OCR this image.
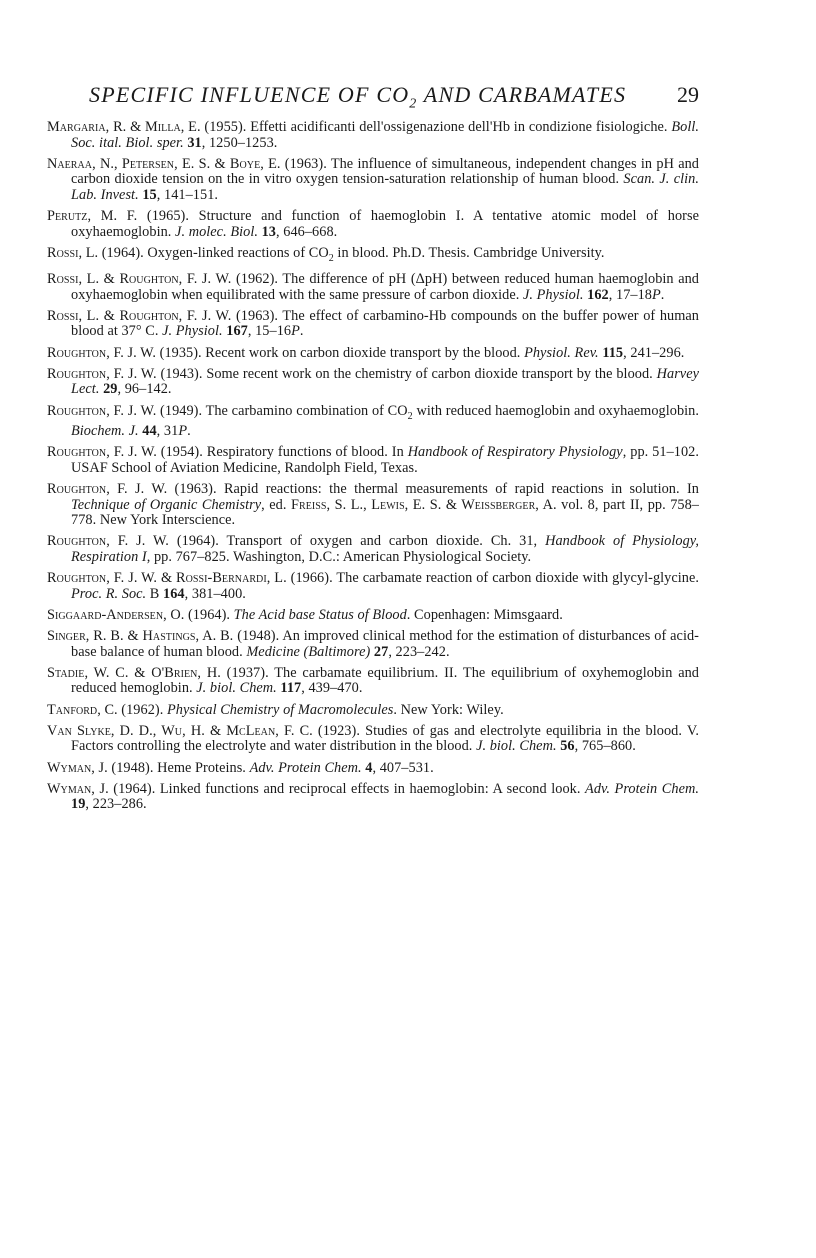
SPECIFIC INFLUENCE OF $CO_2$ AND CARBAMATES 29
Margaria, R. & Milla, E. (1955). Effetti acidificanti dell'ossigenazione dell'Hb in condizione fisiologiche. Boll. Soc. ital. Biol. sper. 31, 1250–1253.
Naeraa, N., Petersen, E. S. & Boye, E. (1963). The influence of simultaneous, independent changes in pH and carbon dioxide tension on the in vitro oxygen tension-saturation relationship of human blood. Scan. J. clin. Lab. Invest. 15, 141–151.
Perutz, M. F. (1965). Structure and function of haemoglobin I. A tentative atomic model of horse oxyhaemoglobin. J. molec. Biol. 13, 646–668.
Rossi, L. (1964). Oxygen-linked reactions of $CO_2$ in blood. Ph.D. Thesis. Cambridge University.
Rossi, L. & Roughton, F. J. W. (1962). The difference of pH (ΔpH) between reduced human haemoglobin and oxyhaemoglobin when equilibrated with the same pressure of carbon dioxide. J. Physiol. 162, 17–18P.
Rossi, L. & Roughton, F. J. W. (1963). The effect of carbamino-Hb compounds on the buffer power of human blood at 37° C. J. Physiol. 167, 15–16P.
Roughton, F. J. W. (1935). Recent work on carbon dioxide transport by the blood. Physiol. Rev. 115, 241–296.
Roughton, F. J. W. (1943). Some recent work on the chemistry of carbon dioxide transport by the blood. Harvey Lect. 29, 96–142.
Roughton, F. J. W. (1949). The carbamino combination of $CO_2$ with reduced haemoglobin and oxyhaemoglobin. Biochem. J. 44, 31P.
Roughton, F. J. W. (1954). Respiratory functions of blood. In Handbook of Respiratory Physiology, pp. 51–102. USAF School of Aviation Medicine, Randolph Field, Texas.
Roughton, F. J. W. (1963). Rapid reactions: the thermal measurements of rapid reactions in solution. In Technique of Organic Chemistry, ed. Freiss, S. L., Lewis, E. S. & Weissberger, A. vol. 8, part II, pp. 758–778. New York Interscience.
Roughton, F. J. W. (1964). Transport of oxygen and carbon dioxide. Ch. 31, Handbook of Physiology, Respiration I, pp. 767–825. Washington, D.C.: American Physiological Society.
Roughton, F. J. W. & Rossi-Bernardi, L. (1966). The carbamate reaction of carbon dioxide with glycyl-glycine. Proc. R. Soc. B 164, 381–400.
Siggaard-Andersen, O. (1964). The Acid base Status of Blood. Copenhagen: Mimsgaard.
Singer, R. B. & Hastings, A. B. (1948). An improved clinical method for the estimation of disturbances of acid-base balance of human blood. Medicine (Baltimore) 27, 223–242.
Stadie, W. C. & O'Brien, H. (1937). The carbamate equilibrium. II. The equilibrium of oxyhemoglobin and reduced hemoglobin. J. biol. Chem. 117, 439–470.
Tanford, C. (1962). Physical Chemistry of Macromolecules. New York: Wiley.
Van Slyke, D. D., Wu, H. & McLean, F. C. (1923). Studies of gas and electrolyte equilibria in the blood. V. Factors controlling the electrolyte and water distribution in the blood. J. biol. Chem. 56, 765–860.
Wyman, J. (1948). Heme Proteins. Adv. Protein Chem. 4, 407–531.
Wyman, J. (1964). Linked functions and reciprocal effects in haemoglobin: A second look. Adv. Protein Chem. 19, 223–286.
